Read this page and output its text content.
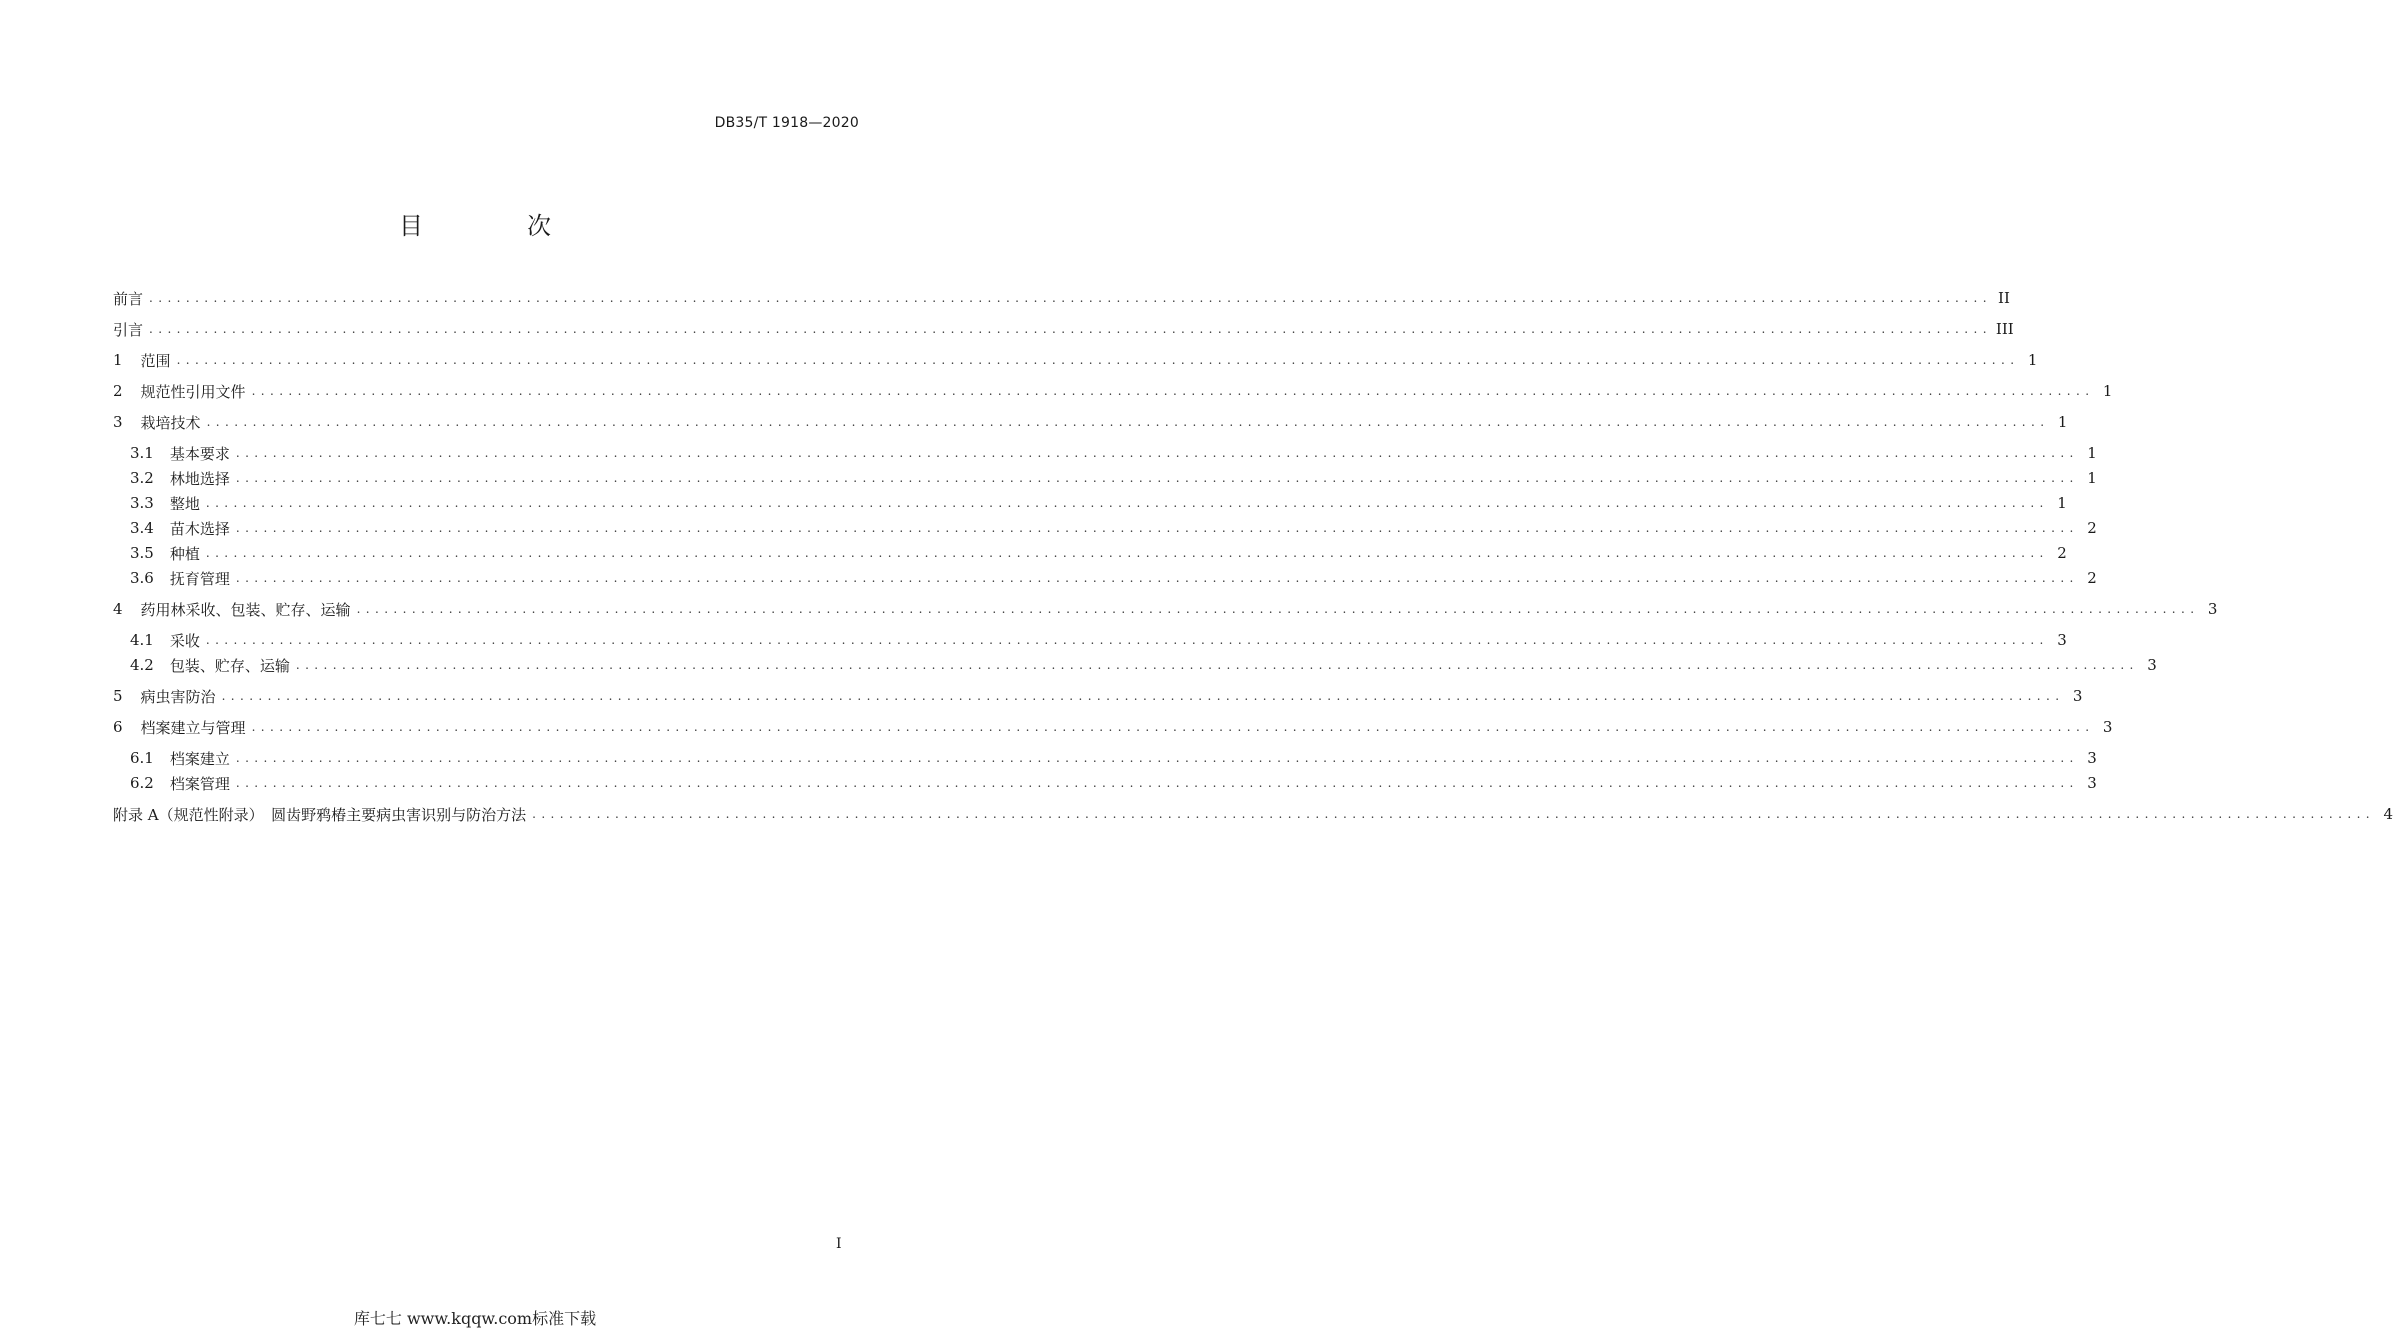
DB35/T 1918—2020
目　次
前言 ........................................................................................................................................................................................................ II
引言 ........................................................................................................................................................................................................ III
1 范围 ........................................................................................................................................................................................................ 1
2 规范性引用文件 ........................................................................................................................................................................................................ 1
3 栽培技术 ........................................................................................................................................................................................................ 1
3.1 基本要求 ........................................................................................................................................................................................................ 1
3.2 林地选择 ........................................................................................................................................................................................................ 1
3.3 整地 ........................................................................................................................................................................................................ 1
3.4 苗木选择 ........................................................................................................................................................................................................ 2
3.5 种植 ........................................................................................................................................................................................................ 2
3.6 抚育管理 ........................................................................................................................................................................................................ 2
4 药用林采收、包装、贮存、运输 ........................................................................................................................................................................................................ 3
4.1 采收 ........................................................................................................................................................................................................ 3
4.2 包装、贮存、运输 ........................................................................................................................................................................................................ 3
5 病虫害防治 ........................................................................................................................................................................................................ 3
6 档案建立与管理 ........................................................................................................................................................................................................ 3
6.1 档案建立 ........................................................................................................................................................................................................ 3
6.2 档案管理 ........................................................................................................................................................................................................ 3
附录 A（规范性附录）　圆齿野鸦椿主要病虫害识别与防治方法 ........................................................................................................................................................................................................ 4
I
库七七 www.kqqw.com标准下载
